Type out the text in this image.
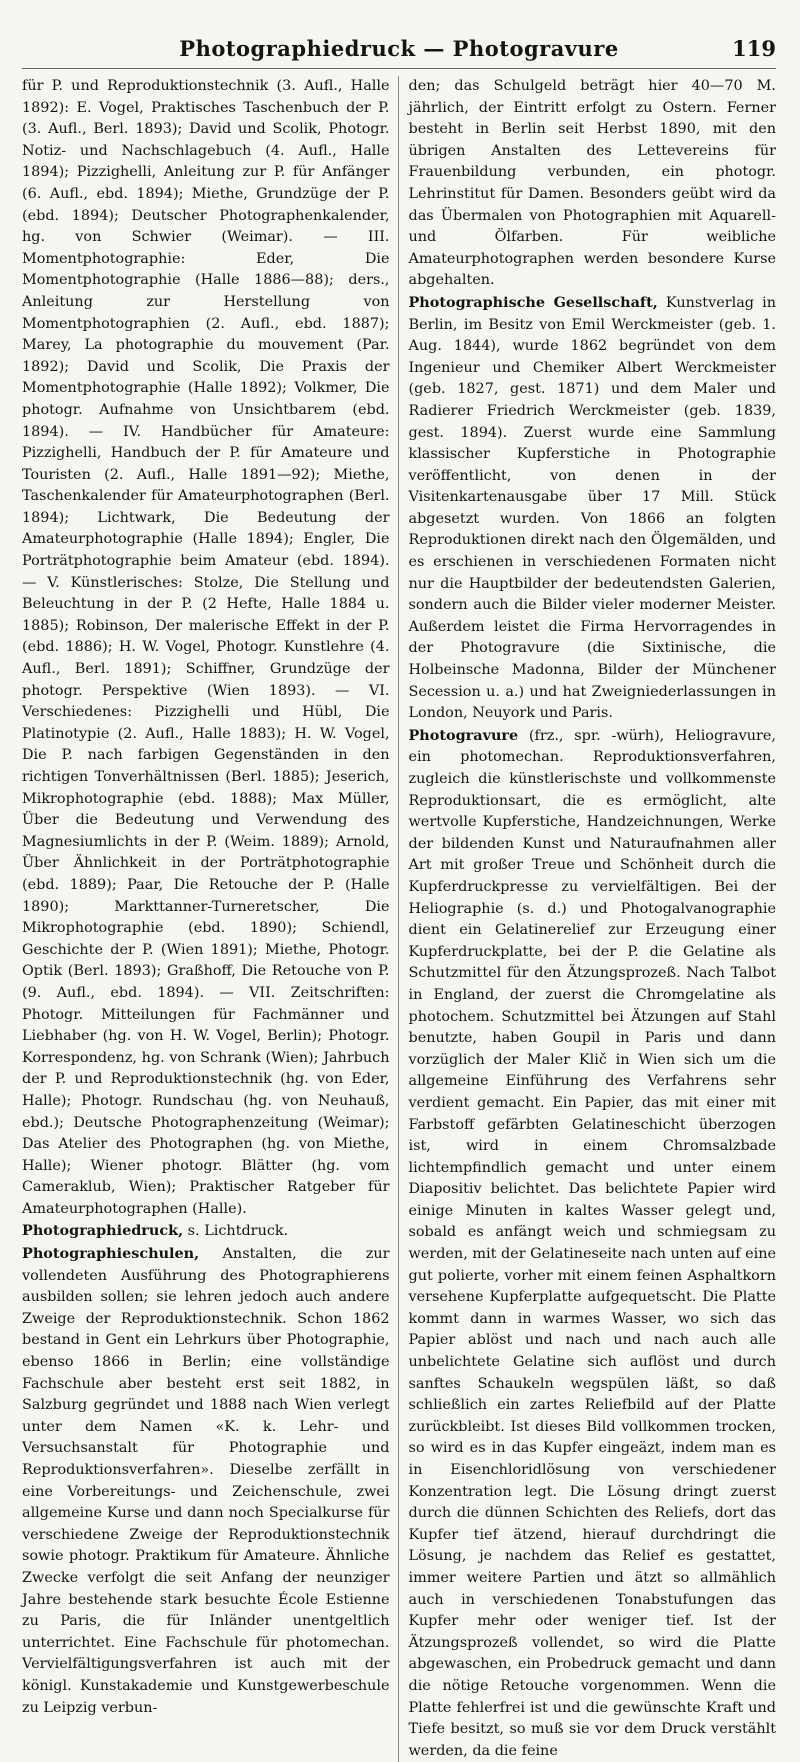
Photographiedruck — Photogravure	119

für P. und Reproduktionstechnik (3. Aufl., Halle 1892): E. Vogel, Praktisches Taschenbuch der P. (3. Aufl., Berl. 1893); David und Scolik, Photogr. Notiz- und Nachschlagebuch (4. Aufl., Halle 1894); Pizzighelli, Anleitung zur P. für Anfänger (6. Aufl., ebd. 1894); Miethe, Grundzüge der P. (ebd. 1894); Deutscher Photographenkalender, hg. von Schwier (Weimar). — III. Momentphotographie: Eder, Die Momentphotographie (Halle 1886—88); ders., Anleitung zur Herstellung von Momentphotographien (2. Aufl., ebd. 1887); Marey, La photographie du mouvement (Par. 1892); David und Scolik, Die Praxis der Momentphotographie (Halle 1892); Volkmer, Die photogr. Aufnahme von Unsichtbarem (ebd. 1894). — IV. Handbücher für Amateure: Pizzighelli, Handbuch der P. für Amateure und Touristen (2. Aufl., Halle 1891—92); Miethe, Taschenkalender für Amateurphotographen (Berl. 1894); Lichtwark, Die Bedeutung der Amateurphotographie (Halle 1894); Engler, Die Porträtphotographie beim Amateur (ebd. 1894). — V. Künstlerisches: Stolze, Die Stellung und Beleuchtung in der P. (2 Hefte, Halle 1884 u. 1885); Robinson, Der malerische Effekt in der P. (ebd. 1886); H. W. Vogel, Photogr. Kunstlehre (4. Aufl., Berl. 1891); Schiffner, Grundzüge der photogr. Perspektive (Wien 1893). — VI. Verschiedenes: Pizzighelli und Hübl, Die Platinotypie (2. Aufl., Halle 1883); H. W. Vogel, Die P. nach farbigen Gegenständen in den richtigen Tonverhältnissen (Berl. 1885); Jeserich, Mikrophotographie (ebd. 1888); Max Müller, Über die Bedeutung und Verwendung des Magnesiumlichts in der P. (Weim. 1889); Arnold, Über Ähnlichkeit in der Porträtphotographie (ebd. 1889); Paar, Die Retouche der P. (Halle 1890); Markttanner-Turneretscher, Die Mikrophotographie (ebd. 1890); Schiendl, Geschichte der P. (Wien 1891); Miethe, Photogr. Optik (Berl. 1893); Graßhoff, Die Retouche von P. (9. Aufl., ebd. 1894). — VII. Zeitschriften: Photogr. Mitteilungen für Fachmänner und Liebhaber (hg. von H. W. Vogel, Berlin); Photogr. Korrespondenz, hg. von Schrank (Wien); Jahrbuch der P. und Reproduktionstechnik (hg. von Eder, Halle); Photogr. Rundschau (hg. von Neuhauß, ebd.); Deutsche Photographenzeitung (Weimar); Das Atelier des Photographen (hg. von Miethe, Halle); Wiener photogr. Blätter (hg. vom Cameraklub, Wien); Praktischer Ratgeber für Amateurphotographen (Halle).

Photographiedruck, s. Lichtdruck.

Photographieschulen, Anstalten, die zur vollendeten Ausführung des Photographierens ausbilden sollen; sie lehren jedoch auch andere Zweige der Reproduktionstechnik. Schon 1862 bestand in Gent ein Lehrkurs über Photographie, ebenso 1866 in Berlin; eine vollständige Fachschule aber besteht erst seit 1882, in Salzburg gegründet und 1888 nach Wien verlegt unter dem Namen «K. k. Lehr- und Versuchsanstalt für Photographie und Reproduktionsverfahren». Dieselbe zerfällt in eine Vorbereitungs- und Zeichenschule, zwei allgemeine Kurse und dann noch Specialkurse für verschiedene Zweige der Reproduktionstechnik sowie photogr. Praktikum für Amateure. Ähnliche Zwecke verfolgt die seit Anfang der neunziger Jahre bestehende stark besuchte École Estienne zu Paris, die für Inländer unentgeltlich unterrichtet. Eine Fachschule für photomechan. Vervielfältigungsverfahren ist auch mit der königl. Kunstakademie und Kunstgewerbeschule zu Leipzig verbun-

den; das Schulgeld beträgt hier 40—70 M. jährlich, der Eintritt erfolgt zu Ostern. Ferner besteht in Berlin seit Herbst 1890, mit den übrigen Anstalten des Lettevereins für Frauenbildung verbunden, ein photogr. Lehrinstitut für Damen. Besonders geübt wird da das Übermalen von Photographien mit Aquarell- und Ölfarben. Für weibliche Amateurphotographen werden besondere Kurse abgehalten.

Photographische Gesellschaft, Kunstverlag in Berlin, im Besitz von Emil Werckmeister (geb. 1. Aug. 1844), wurde 1862 begründet von dem Ingenieur und Chemiker Albert Werckmeister (geb. 1827, gest. 1871) und dem Maler und Radierer Friedrich Werckmeister (geb. 1839, gest. 1894). Zuerst wurde eine Sammlung klassischer Kupferstiche in Photographie veröffentlicht, von denen in der Visitenkartenausgabe über 17 Mill. Stück abgesetzt wurden. Von 1866 an folgten Reproduktionen direkt nach den Ölgemälden, und es erschienen in verschiedenen Formaten nicht nur die Hauptbilder der bedeutendsten Galerien, sondern auch die Bilder vieler moderner Meister. Außerdem leistet die Firma Hervorragendes in der Photogravure (die Sixtinische, die Holbeinsche Madonna, Bilder der Münchener Secession u. a.) und hat Zweigniederlassungen in London, Neuyork und Paris.

Photogravure (frz., spr. -würh), Heliogravure, ein photomechan. Reproduktionsverfahren, zugleich die künstlerischste und vollkommenste Reproduktionsart, die es ermöglicht, alte wertvolle Kupferstiche, Handzeichnungen, Werke der bildenden Kunst und Naturaufnahmen aller Art mit großer Treue und Schönheit durch die Kupferdruckpresse zu vervielfältigen. Bei der Heliographie (s. d.) und Photogalvanographie dient ein Gelatinerelief zur Erzeugung einer Kupferdruckplatte, bei der P. die Gelatine als Schutzmittel für den Ätzungsprozeß. Nach Talbot in England, der zuerst die Chromgelatine als photochem. Schutzmittel bei Ätzungen auf Stahl benutzte, haben Goupil in Paris und dann vorzüglich der Maler Klič in Wien sich um die allgemeine Einführung des Verfahrens sehr verdient gemacht. Ein Papier, das mit einer mit Farbstoff gefärbten Gelatineschicht überzogen ist, wird in einem Chromsalzbade lichtempfindlich gemacht und unter einem Diapositiv belichtet. Das belichtete Papier wird einige Minuten in kaltes Wasser gelegt und, sobald es anfängt weich und schmiegsam zu werden, mit der Gelatineseite nach unten auf eine gut polierte, vorher mit einem feinen Asphaltkorn versehene Kupferplatte aufgequetscht. Die Platte kommt dann in warmes Wasser, wo sich das Papier ablöst und nach und nach auch alle unbelichtete Gelatine sich auflöst und durch sanftes Schaukeln wegspülen läßt, so daß schließlich ein zartes Reliefbild auf der Platte zurückbleibt. Ist dieses Bild vollkommen trocken, so wird es in das Kupfer eingeäzt, indem man es in Eisenchloridlösung von verschiedener Konzentration legt. Die Lösung dringt zuerst durch die dünnen Schichten des Reliefs, dort das Kupfer tief ätzend, hierauf durchdringt die Lösung, je nachdem das Relief es gestattet, immer weitere Partien und ätzt so allmählich auch in verschiedenen Tonabstufungen das Kupfer mehr oder weniger tief. Ist der Ätzungsprozeß vollendet, so wird die Platte abgewaschen, ein Probedruck gemacht und dann die nötige Retouche vorgenommen. Wenn die Platte fehlerfrei ist und die gewünschte Kraft und Tiefe besitzt, so muß sie vor dem Druck verstählt werden, da die feine
